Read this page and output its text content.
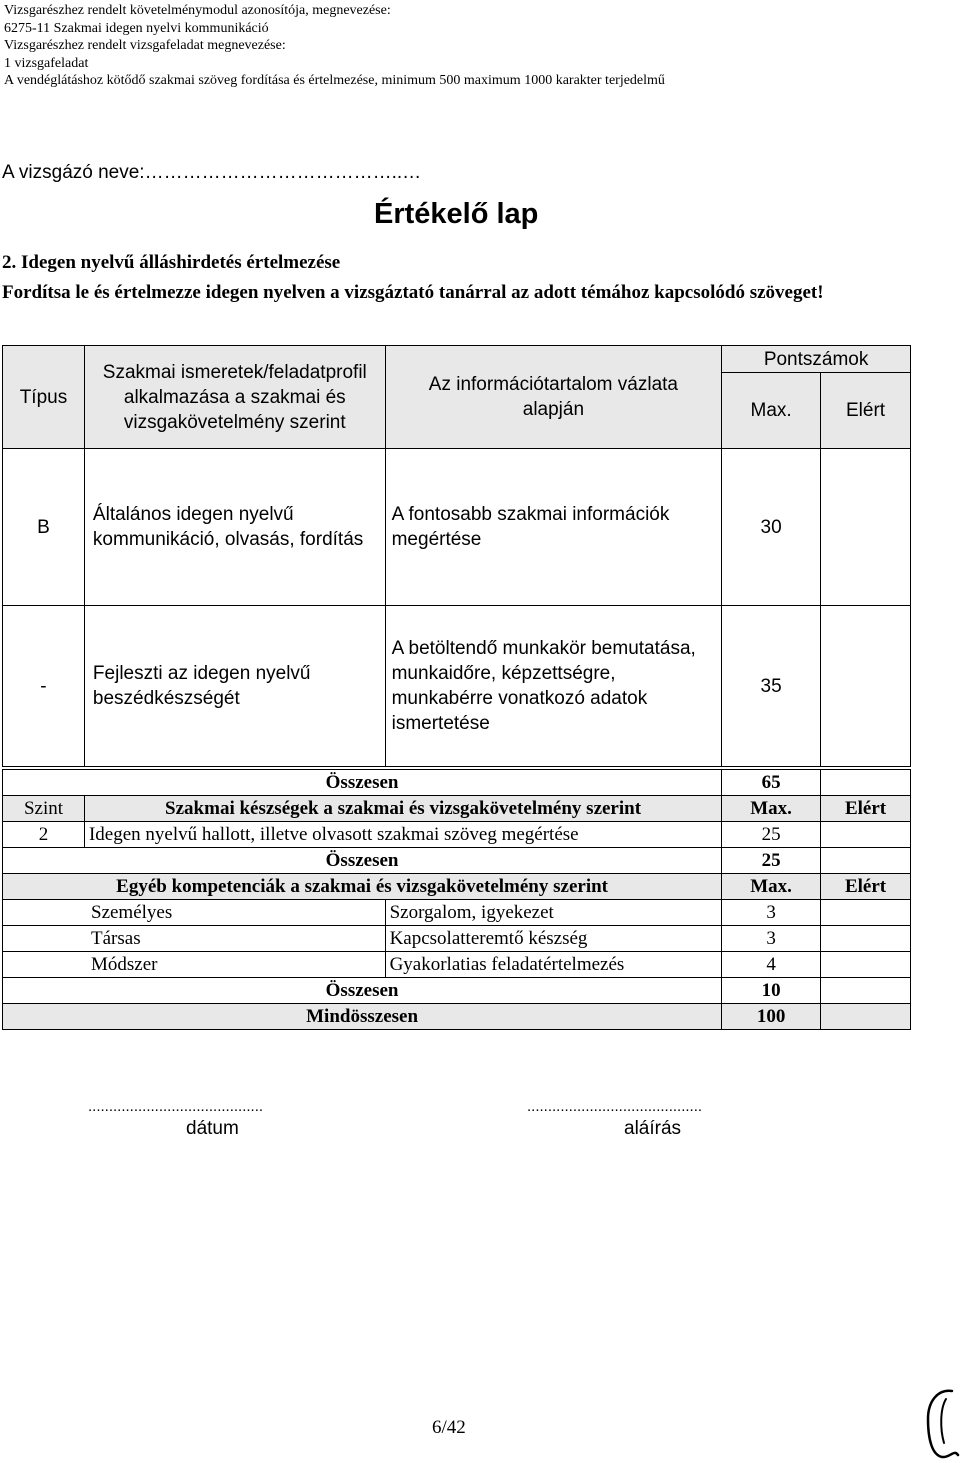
Vizsgarészhez rendelt követelménymodul azonosítója, megnevezése:
6275-11 Szakmai idegen nyelvi kommunikáció
Vizsgarészhez rendelt vizsgafeladat megnevezése:
1 vizsgafeladat
A vendéglátáshoz kötődő szakmai szöveg fordítása és értelmezése, minimum 500 maximum 1000 karakter terjedelmű
A vizsgázó neve:…………………………………..…
Értékelő lap
2. Idegen nyelvű álláshirdetés értelmezése
Fordítsa le és értelmezze idegen nyelven a vizsgáztató tanárral az adott témához kapcsolódó szöveget!
Típus	Szakmai ismeretek/feladatprofil alkalmazása a szakmai és vizsgakövetelmény szerint	Az információtartalom vázlata alapján	Pontszámok	
			Max.	Elért
B	Általános idegen nyelvű kommunikáció, olvasás, fordítás	A fontosabb szakmai információk megértése	30	
-	Fejleszti az idegen nyelvű beszédkészségét	A betöltendő munkakör bemutatása, munkaidőre, képzettségre, munkabérre vonatkozó adatok ismertetése	35	
Összesen			65	
Szint	Szakmai készségek a szakmai és vizsgakövetelmény szerint		Max.	Elért
2	Idegen nyelvű hallott, illetve olvasott szakmai szöveg megértése		25	
Összesen			25	
Egyéb kompetenciák a szakmai és vizsgakövetelmény szerint			Max.	Elért
Személyes		Szorgalom, igyekezet	3	
Társas		Kapcsolatteremtő készség	3	
Módszer		Gyakorlatias feladatértelmezés	4	
Összesen			10	
Mindösszesen			100	
..........................................
dátum
..........................................
aláírás
6/42
